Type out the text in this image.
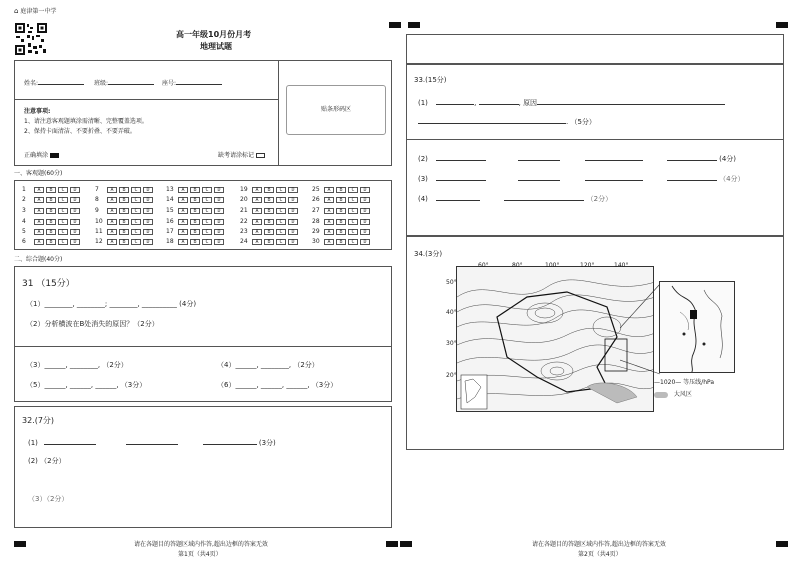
⌂ 庭津第一中学
高一年级10月份月考
地理试题
姓名:	班级:	座号:
贴条形码区
注意事项:
1、请注意客观题填涂需清晰、完整覆盖选项。
2、保持卡面清洁、不要折叠、不要弄破。
正确填涂	缺考请涂标记
一、客观题(60分)
1	A	B	C	D
2	A	B	C	D
3	A	B	C	D
4	A	B	C	D
5	A	B	C	D
6	A	B	C	D
7	A	B	C	D
8	A	B	C	D
9	A	B	C	D
10	A	B	C	D
11	A	B	C	D
12	A	B	C	D
13	A	B	C	D
14	A	B	C	D
15	A	B	C	D
16	A	B	C	D
17	A	B	C	D
18	A	B	C	D
19	A	B	C	D
20	A	B	C	D
21	A	B	C	D
22	A	B	C	D
23	A	B	C	D
24	A	B	C	D
25	A	B	C	D
26	A	B	C	D
27	A	B	C	D
28	A	B	C	D
29	A	B	C	D
30	A	B	C	D
二、综合题(40分)
31 （15分）
（1）________, ________; ________, __________ (4分)
（2）分析横波在B处消失的原因？（2分）
（3）______, ________, （2分）	（4）______, ________, （2分）
（5）______, ______, ______, （3分）	（6）______, ______, ______, （3分）
32.(7分)
(1)	(3分)
(2) （2分）
（3）（2分）
请在各题目的答题区域内作答,超出边框的答案无效
第1页（共4页）
33.(15分)
(1)	,	, 原因
. （5分）
(2)	(4分)
(3)	（4分）
(4)	（2分）
34.(3分)
60°	80°	100°	120°	140°
50°
40°
30°
20°
—1020— 等压线/hPa
大风区
请在各题目的答题区域内作答,超出边框的答案无效
第2页（共4页）
